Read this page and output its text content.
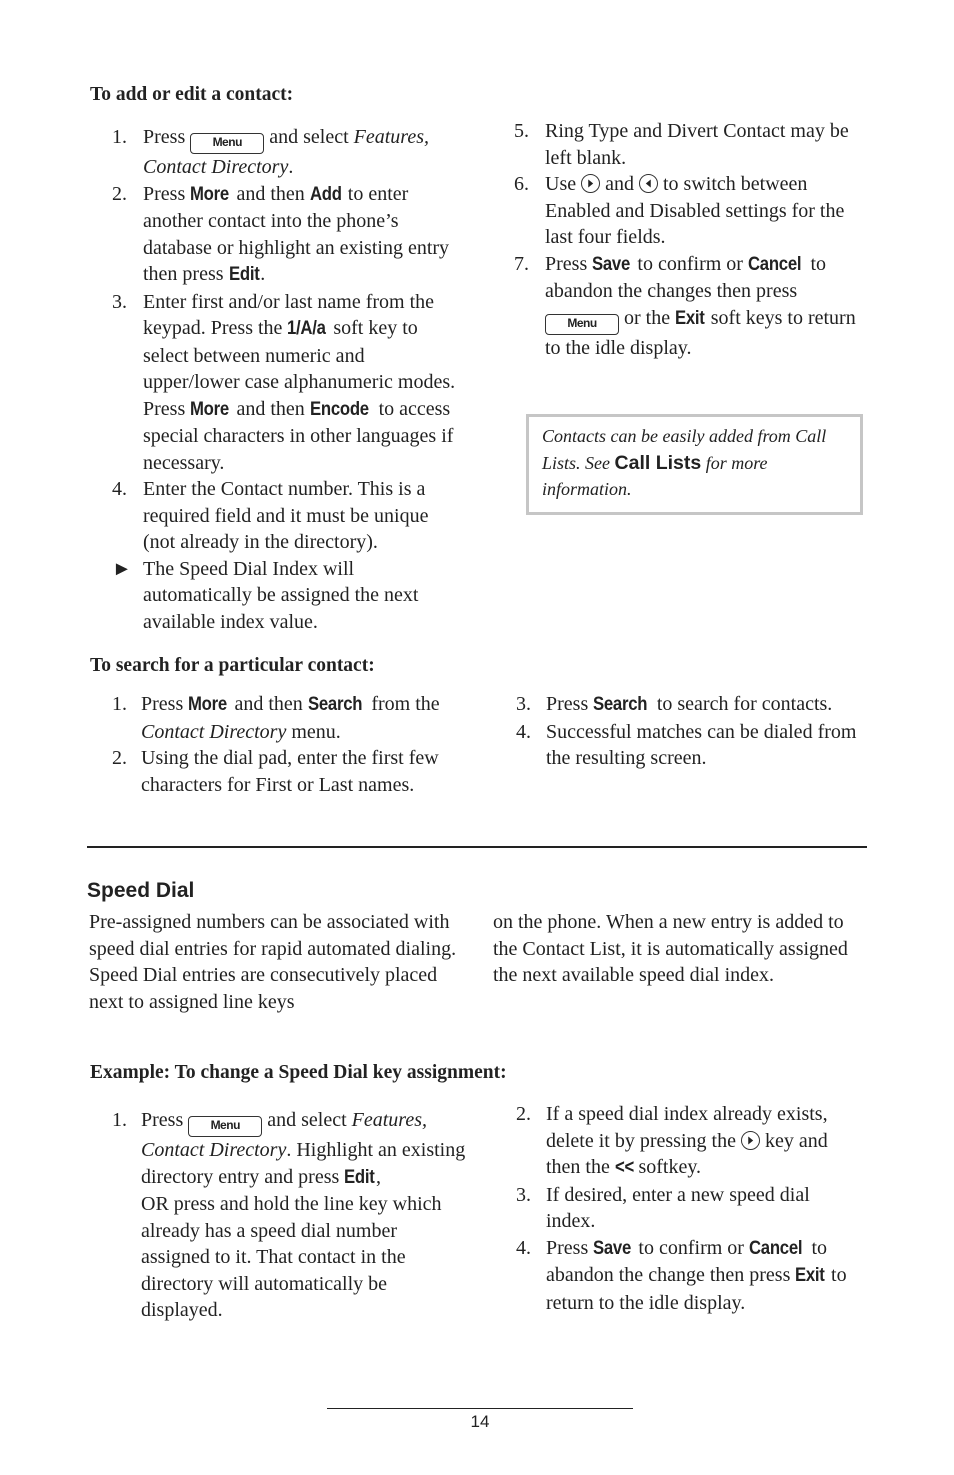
To add or edit a contact:
1. Press Menu and select Features, Contact Directory.
2. Press More and then Add to enter another contact into the phone’s database or highlight an existing entry then press Edit.
3. Enter first and/or last name from the keypad. Press the 1/A/a soft key to select between numeric and upper/lower case alphanumeric modes. Press More and then Encode to access special characters in other languages if necessary.
4. Enter the Contact number. This is a required field and it must be unique (not already in the directory).
► The Speed Dial Index will automatically be assigned the next available index value.
5. Ring Type and Divert Contact may be left blank.
6. Use and to switch between Enabled and Disabled settings for the last four fields.
7. Press Save to confirm or Cancel to abandon the changes then press Menu or the Exit soft keys to return to the idle display.
Contacts can be easily added from Call Lists. See Call Lists for more information.
To search for a particular contact:
1. Press More and then Search from the Contact Directory menu.
2. Using the dial pad, enter the first few characters for First or Last names.
3. Press Search to search for contacts.
4. Successful matches can be dialed from the resulting screen.
Speed Dial
Pre-assigned numbers can be associated with speed dial entries for rapid automated dialing. Speed Dial entries are consecutively placed next to assigned line keys
on the phone. When a new entry is added to the Contact List, it is automatically assigned the next available speed dial index.
Example: To change a Speed Dial key assignment:
1. Press Menu and select Features, Contact Directory. Highlight an existing directory entry and press Edit,
OR press and hold the line key which already has a speed dial number assigned to it. That contact in the directory will automatically be displayed.
2. If a speed dial index already exists, delete it by pressing the key and then the << softkey.
3. If desired, enter a new speed dial index.
4. Press Save to confirm or Cancel to abandon the change then press Exit to return to the idle display.
14
